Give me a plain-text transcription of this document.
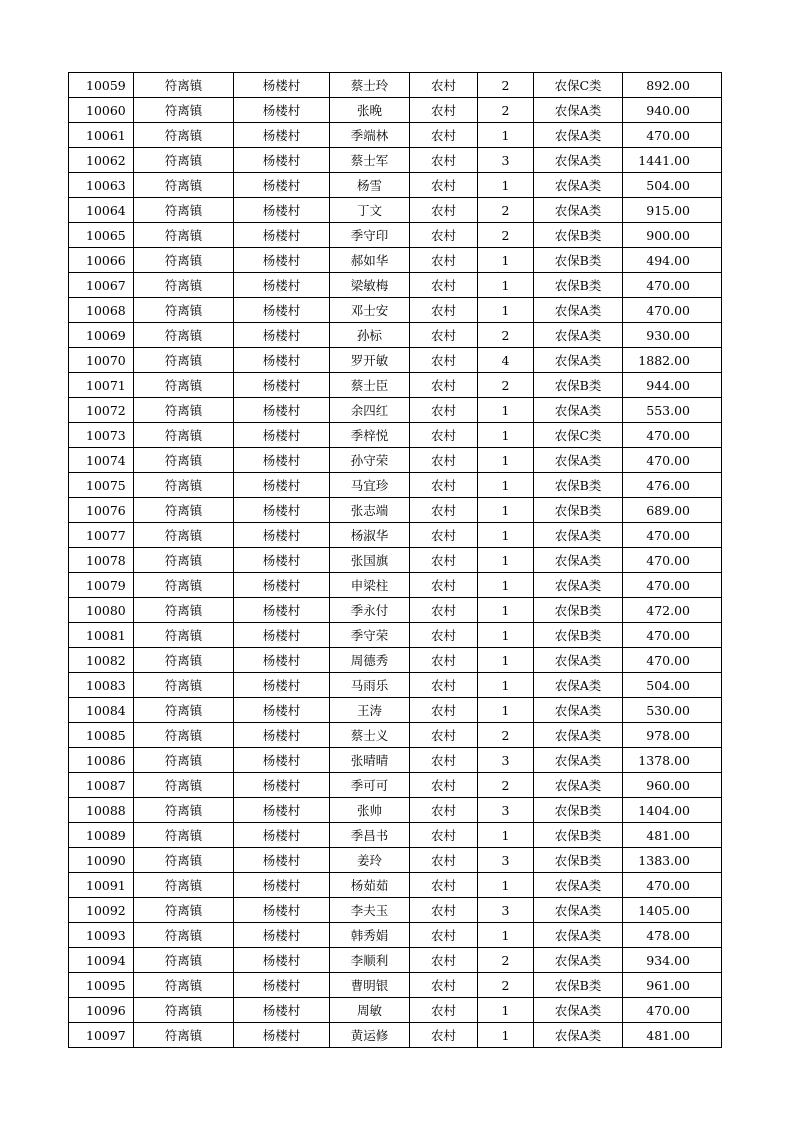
10059	符离镇	杨楼村	蔡士玲	农村	2	农保C类	892.00
10060	符离镇	杨楼村	张晚	农村	2	农保A类	940.00
10061	符离镇	杨楼村	季端林	农村	1	农保A类	470.00
10062	符离镇	杨楼村	蔡士军	农村	3	农保A类	1441.00
10063	符离镇	杨楼村	杨雪	农村	1	农保A类	504.00
10064	符离镇	杨楼村	丁文	农村	2	农保A类	915.00
10065	符离镇	杨楼村	季守印	农村	2	农保B类	900.00
10066	符离镇	杨楼村	郝如华	农村	1	农保B类	494.00
10067	符离镇	杨楼村	梁敏梅	农村	1	农保B类	470.00
10068	符离镇	杨楼村	邓士安	农村	1	农保A类	470.00
10069	符离镇	杨楼村	孙标	农村	2	农保A类	930.00
10070	符离镇	杨楼村	罗开敏	农村	4	农保A类	1882.00
10071	符离镇	杨楼村	蔡士臣	农村	2	农保B类	944.00
10072	符离镇	杨楼村	余四红	农村	1	农保A类	553.00
10073	符离镇	杨楼村	季梓悦	农村	1	农保C类	470.00
10074	符离镇	杨楼村	孙守荣	农村	1	农保A类	470.00
10075	符离镇	杨楼村	马宜珍	农村	1	农保B类	476.00
10076	符离镇	杨楼村	张志端	农村	1	农保B类	689.00
10077	符离镇	杨楼村	杨淑华	农村	1	农保A类	470.00
10078	符离镇	杨楼村	张国旗	农村	1	农保A类	470.00
10079	符离镇	杨楼村	申梁柱	农村	1	农保A类	470.00
10080	符离镇	杨楼村	季永付	农村	1	农保B类	472.00
10081	符离镇	杨楼村	季守荣	农村	1	农保B类	470.00
10082	符离镇	杨楼村	周德秀	农村	1	农保A类	470.00
10083	符离镇	杨楼村	马雨乐	农村	1	农保A类	504.00
10084	符离镇	杨楼村	王涛	农村	1	农保A类	530.00
10085	符离镇	杨楼村	蔡士义	农村	2	农保A类	978.00
10086	符离镇	杨楼村	张晴晴	农村	3	农保A类	1378.00
10087	符离镇	杨楼村	季可可	农村	2	农保A类	960.00
10088	符离镇	杨楼村	张帅	农村	3	农保B类	1404.00
10089	符离镇	杨楼村	季昌书	农村	1	农保B类	481.00
10090	符离镇	杨楼村	姜玲	农村	3	农保B类	1383.00
10091	符离镇	杨楼村	杨茹茹	农村	1	农保A类	470.00
10092	符离镇	杨楼村	李夫玉	农村	3	农保A类	1405.00
10093	符离镇	杨楼村	韩秀娟	农村	1	农保A类	478.00
10094	符离镇	杨楼村	李顺利	农村	2	农保A类	934.00
10095	符离镇	杨楼村	曹明银	农村	2	农保B类	961.00
10096	符离镇	杨楼村	周敏	农村	1	农保A类	470.00
10097	符离镇	杨楼村	黄运修	农村	1	农保A类	481.00
